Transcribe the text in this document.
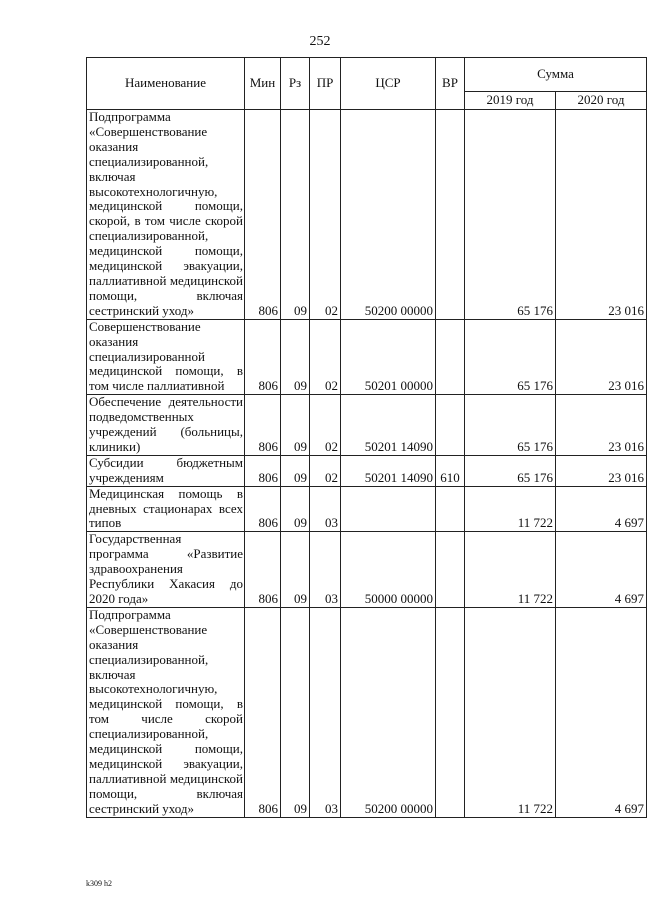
252
Наименование	Мин	Рз	ПР	ЦСР	ВР	Сумма	
						2019 год	2020 год
Подпрограмма «Совершенствование оказания специализированной, включая высокотехнологичную, медицинской помощи, скорой, в том числе скорой специализированной, медицинской помощи, медицинской эвакуации, паллиативной медицинской помощи, включая сестринский уход»	806	09	02	50200 00000		65 176	23 016
Совершенствование оказания специализированной медицинской помощи, в том числе паллиативной	806	09	02	50201 00000		65 176	23 016
Обеспечение деятельности подведомственных учреждений (больницы, клиники)	806	09	02	50201 14090		65 176	23 016
Субсидии бюджетным учреждениям	806	09	02	50201 14090	610	65 176	23 016
Медицинская помощь в дневных стационарах всех типов	806	09	03			11 722	4 697
Государственная программа «Развитие здравоохранения Республики Хакасия до 2020 года»	806	09	03	50000 00000		11 722	4 697
Подпрограмма «Совершенствование оказания специализированной, включая высокотехнологичную, медицинской помощи, в том числе скорой специализированной, медицинской помощи, медицинской эвакуации, паллиативной медицинской помощи, включая сестринский уход»	806	09	03	50200 00000		11 722	4 697
k309 h2
